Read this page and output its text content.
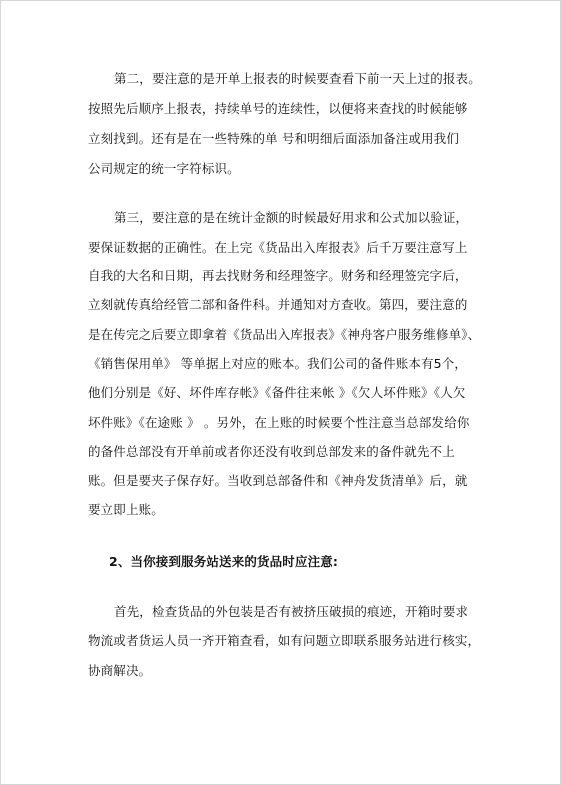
第二，要注意的是开单上报表的时候要查看下前一天上过的报表。
按照先后顺序上报表，持续单号的连续性，以便将来查找的时候能够
立刻找到。还有是在一些特殊的单 号和明细后面添加备注或用我们
公司规定的统一字符标识。
第三，要注意的是在统计金额的时候最好用求和公式加以验证，
要保证数据的正确性。在上完《货品出入库报表》后千万要注意写上
自我的大名和日期，再去找财务和经理签字。财务和经理签完字后，
立刻就传真给经管二部和备件科。并通知对方查收。第四，要注意的
是在传完之后要立即拿着《货品出入库报表》《神舟客户服务维修单》、
《销售保用单》 等单据上对应的账本。我们公司的备件账本有5个，
他们分别是《好、坏件库存帐》《备件往来帐 》《欠人坏件账》《人欠
坏件账》《在途账 》 。另外，在上账的时候要个性注意当总部发给你
的备件总部没有开单前或者你还没有收到总部发来的备件就先不上
账。但是要夹子保存好。当收到总部备件和《神舟发货清单》后，就
要立即上账。
2、当你接到服务站送来的货品时应注意:
首先，检查货品的外包装是否有被挤压破损的痕迹，开箱时要求
物流或者货运人员一齐开箱查看，如有问题立即联系服务站进行核实，
协商解决。
